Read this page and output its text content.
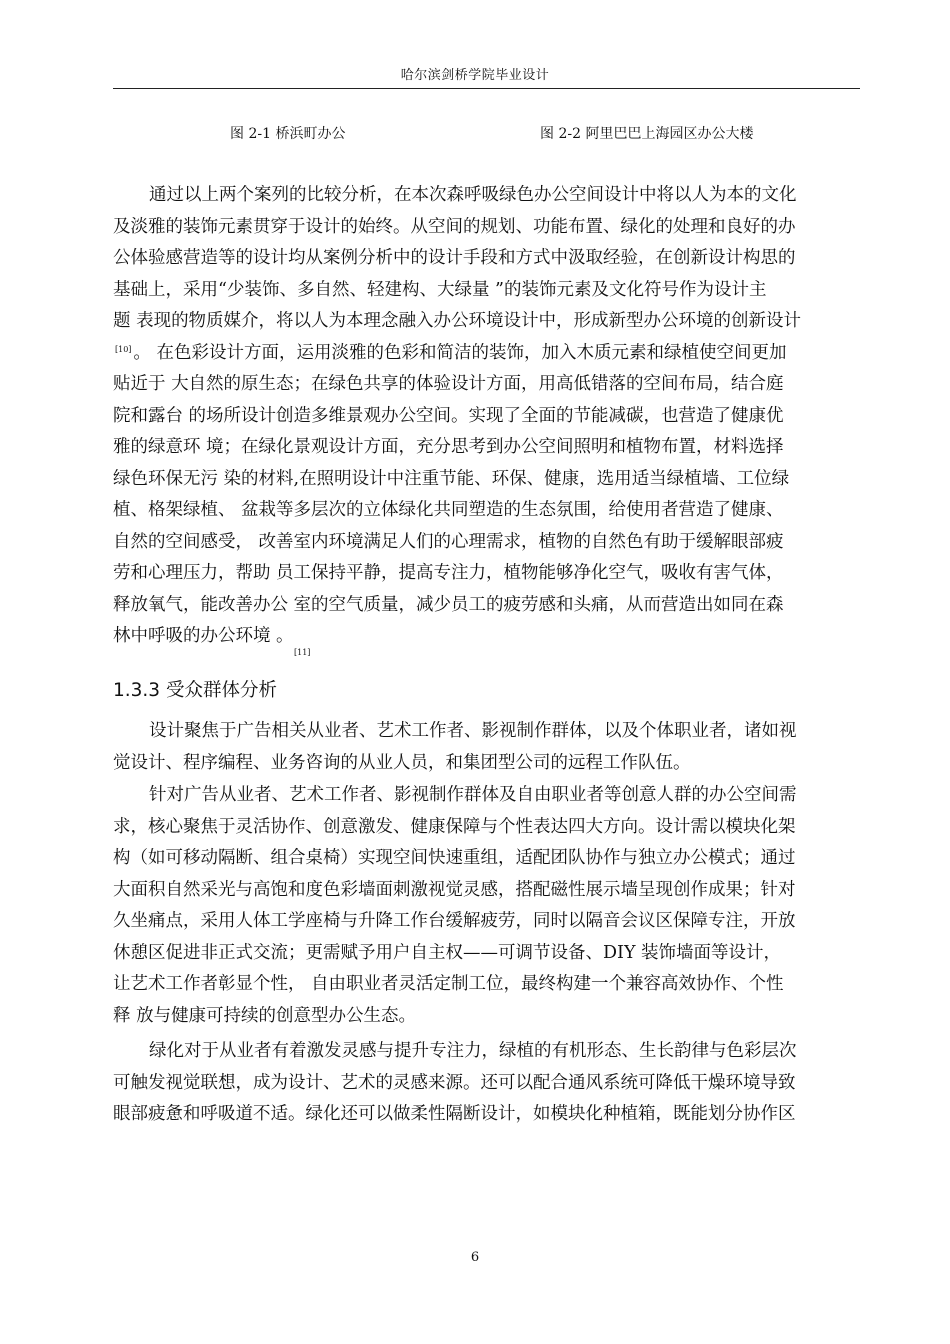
哈尔滨剑桥学院毕业设计
图 2-1 桥浜町办公	图 2-2 阿里巴巴上海园区办公大楼
通过以上两个案列的比较分析，在本次森呼吸绿色办公空间设计中将以人为本的文化
及淡雅的装饰元素贯穿于设计的始终。从空间的规划、功能布置、绿化的处理和良好的办
公体验感营造等的设计均从案例分析中的设计手段和方式中汲取经验，在创新设计构思的
基础上，采用“少装饰、多自然、轻建构、大绿量 ”的装饰元素及文化符号作为设计主
题 表现的物质媒介，将以人为本理念融入办公环境设计中，形成新型办公环境的创新设计
[10] 。 在色彩设计方面，运用淡雅的色彩和简洁的装饰，加入木质元素和绿植使空间更加
贴近于 大自然的原生态；在绿色共享的体验设计方面，用高低错落的空间布局，结合庭
院和露台 的场所设计创造多维景观办公空间。实现了全面的节能减碳，也营造了健康优
雅的绿意环 境；在绿化景观设计方面，充分思考到办公空间照明和植物布置，材料选择
绿色环保无污 染的材料,在照明设计中注重节能、环保、健康，选用适当绿植墙、工位绿
植、格架绿植、 盆栽等多层次的立体绿化共同塑造的生态氛围，给使用者营造了健康、
自然的空间感受， 改善室内环境满足人们的心理需求，植物的自然色有助于缓解眼部疲
劳和心理压力，帮助 员工保持平静，提高专注力，植物能够净化空气，吸收有害气体，
释放氧气，能改善办公 室的空气质量，减少员工的疲劳感和头痛，从而营造出如同在森
林中呼吸的办公环境 。
[11]
1.3.3 受众群体分析
设计聚焦于广告相关从业者、艺术工作者、影视制作群体，以及个体职业者，诸如视
觉设计、程序编程、业务咨询的从业人员，和集团型公司的远程工作队伍。
针对广告从业者、艺术工作者、影视制作群体及自由职业者等创意人群的办公空间需
求，核心聚焦于灵活协作、创意激发、健康保障与个性表达四大方向。设计需以模块化架
构（如可移动隔断、组合桌椅）实现空间快速重组，适配团队协作与独立办公模式；通过
大面积自然采光与高饱和度色彩墙面刺激视觉灵感，搭配磁性展示墙呈现创作成果；针对
久坐痛点，采用人体工学座椅与升降工作台缓解疲劳，同时以隔音会议区保障专注，开放
休憩区促进非正式交流；更需赋予用户自主权——可调节设备、DIY 装饰墙面等设计，
让艺术工作者彰显个性， 自由职业者灵活定制工位，最终构建一个兼容高效协作、个性
释 放与健康可持续的创意型办公生态。
绿化对于从业者有着激发灵感与提升专注力，绿植的有机形态、生长韵律与色彩层次
可触发视觉联想，成为设计、艺术的灵感来源。还可以配合通风系统可降低干燥环境导致
眼部疲惫和呼吸道不适。绿化还可以做柔性隔断设计，如模块化种植箱，既能划分协作区
6
